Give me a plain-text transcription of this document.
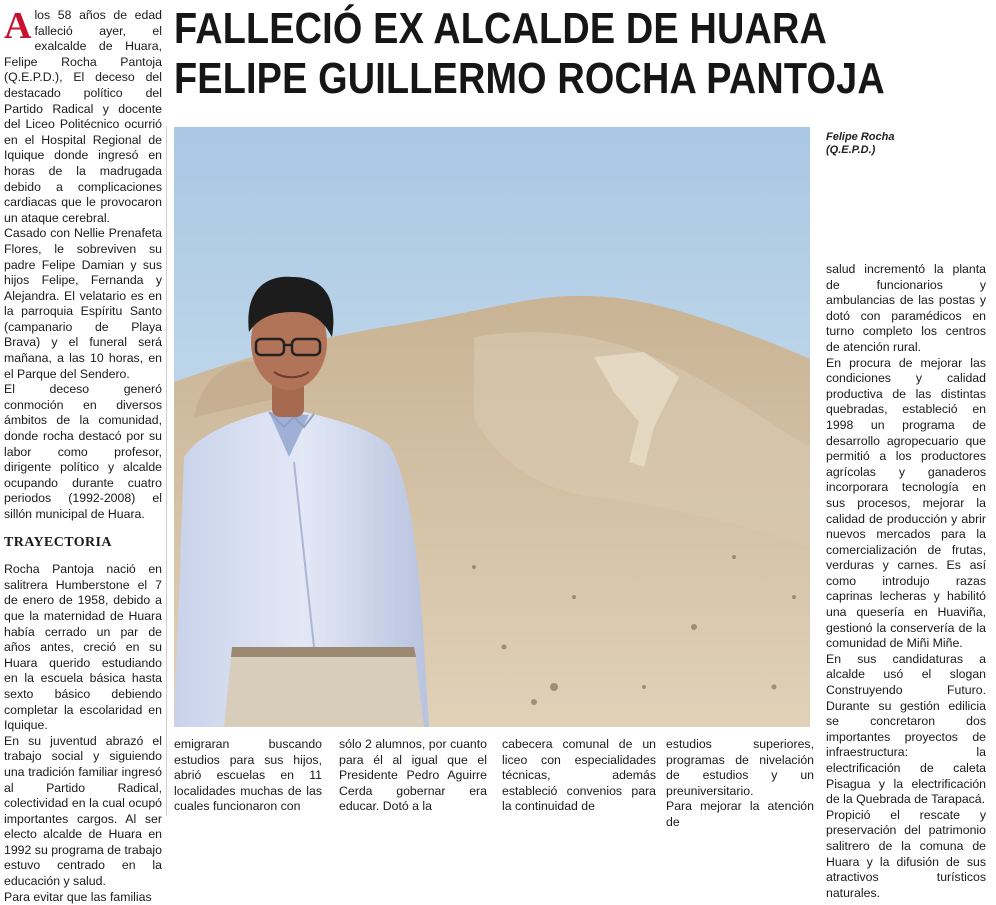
FALLECIÓ EX ALCALDE DE HUARA
FELIPE GUILLERMO ROCHA PANTOJA

Alos 58 años de edad falleció ayer, el exalcalde de Huara, Felipe Rocha Pantoja (Q.E.P.D.), El deceso del destacado político del Partido Radical y docente del Liceo Politécnico ocurrió en el Hospital Regional de Iquique donde ingresó en horas de la madrugada debido a complicaciones cardiacas que le provocaron un ataque cerebral.

Casado con Nellie Prenafeta Flores, le sobreviven su padre Felipe Damian y sus hijos Felipe, Fernanda y Alejandra. El velatario es en la parroquia Espíritu Santo (campanario de Playa Brava) y el funeral será mañana, a las 10 horas, en el Parque del Sendero.

El deceso generó conmoción en diversos ámbitos de la comunidad, donde rocha destacó por su labor como profesor, dirigente político y alcalde ocupando durante cuatro periodos (1992-2008) el sillón municipal de Huara.

TRAYECTORIA

Rocha Pantoja nació en salitrera Humberstone el 7 de enero de 1958, debido a que la maternidad de Huara había cerrado un par de años antes, creció en su Huara querido estudiando en la escuela básica hasta sexto básico debiendo completar la escolaridad en Iquique.

En su juventud abrazó el trabajo social y siguiendo una tradición familiar ingresó al Partido Radical, colectividad en la cual ocupó importantes cargos. Al ser electo alcalde de Huara en 1992 su programa de trabajo estuvo centrado en la educación y salud.

Para evitar que las familias

Felipe Rocha
(Q.E.P.D.)

salud incrementó la planta de funcionarios y ambulancias de las postas y dotó con paramédicos en turno completo los centros de atención rural.

En procura de mejorar las condiciones y calidad productiva de las distintas quebradas, estableció en 1998 un programa de desarrollo agropecuario que permitió a los productores agrícolas y ganaderos incorporara tecnología en sus procesos, mejorar la calidad de producción y abrir nuevos mercados para la comercialización de frutas, verduras y carnes. Es así como introdujo razas caprinas lecheras y habilitó una quesería en Huaviña, gestionó la conservería de la comunidad de Miñi Miñe.

En sus candidaturas a alcalde usó el slogan Construyendo Futuro. Durante su gestión edilicia se concretaron dos importantes proyectos de infraestructura: la electrificación de caleta Pisagua y la electrificación de la Quebrada de Tarapacá.

Propició el rescate y preservación del patrimonio salitrero de la comuna de Huara y la difusión de sus atractivos turísticos naturales.

emigraran buscando estudios para sus hijos, abrió escuelas en 11 localidades muchas de las cuales funcionaron con

sólo 2 alumnos, por cuanto para él al igual que el Presidente Pedro Aguirre Cerda gobernar era educar. Dotó a la

cabecera comunal de un liceo con especialidades técnicas, además estableció convenios para la continuidad de

estudios superiores, programas de nivelación de estudios y un preuniversitario.

Para mejorar la atención de
